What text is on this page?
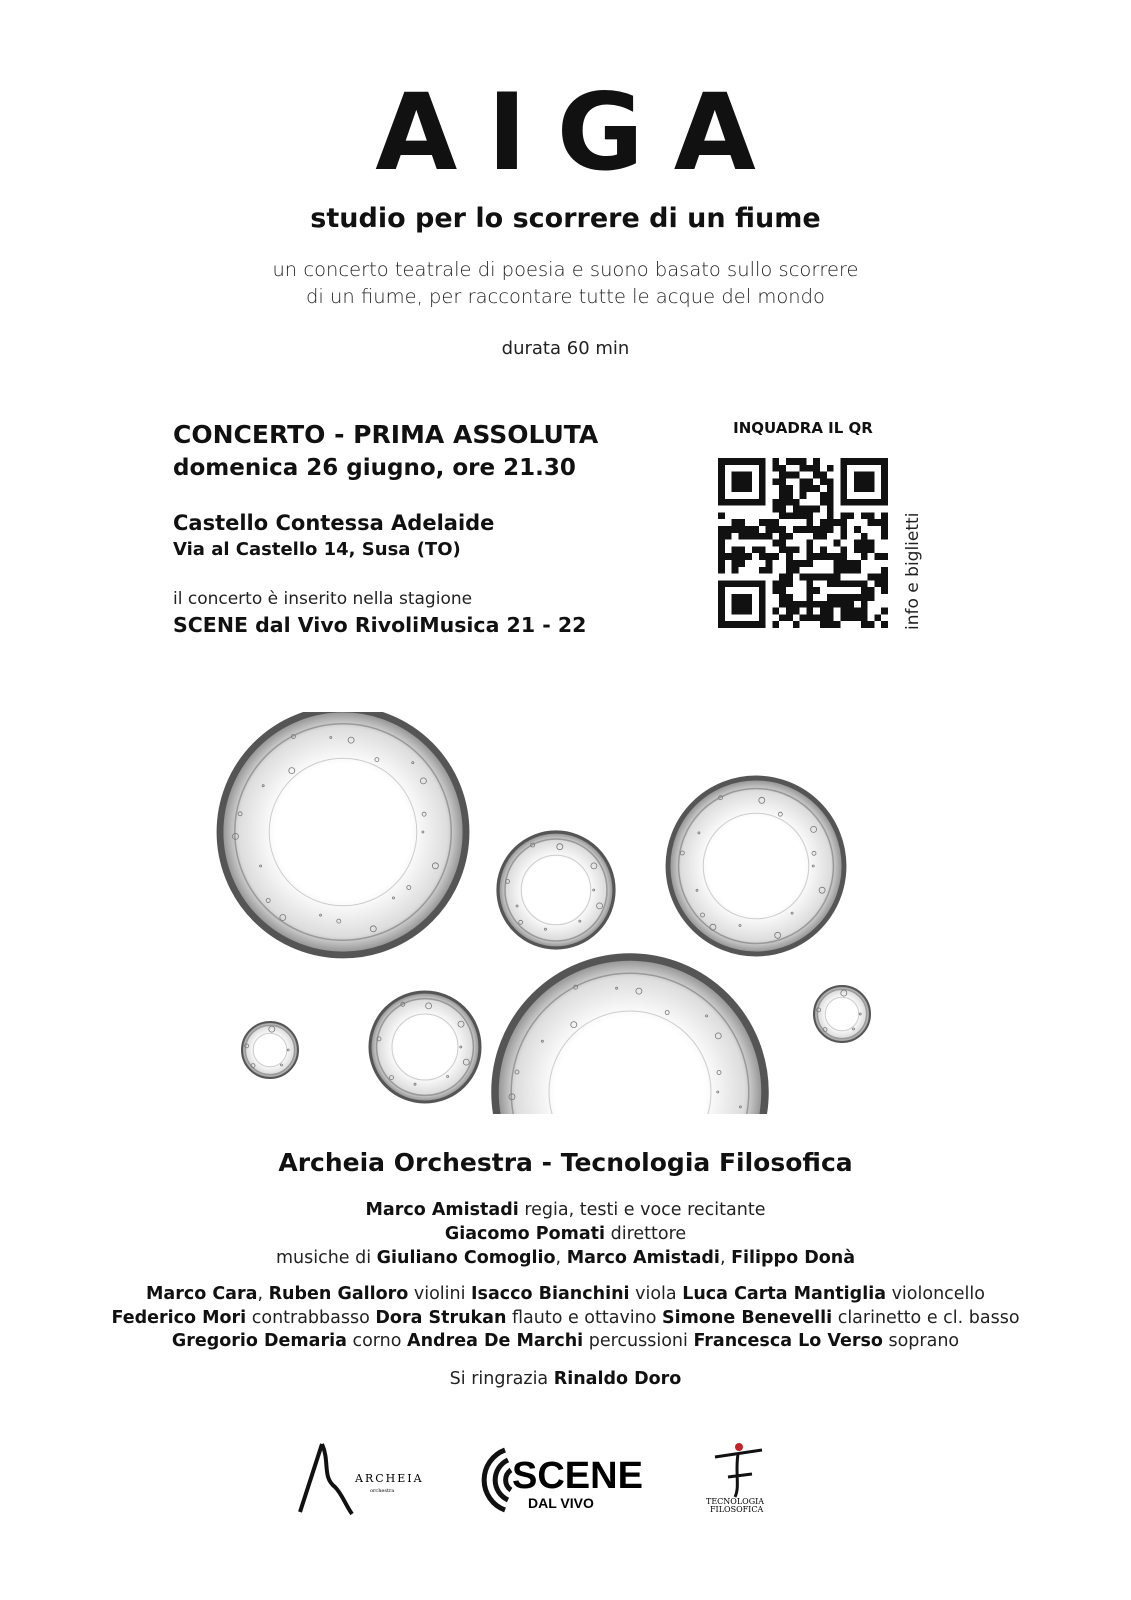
AIGA
studio per lo scorrere di un fiume
un concerto teatrale di poesia e suono basato sullo scorrere
di un fiume, per raccontare tutte le acque del mondo
durata 60 min
CONCERTO - PRIMA ASSOLUTA
domenica 26 giugno, ore 21.30
Castello Contessa Adelaide
Via al Castello 14, Susa (TO)
il concerto è inserito nella stagione
SCENE dal Vivo RivoliMusica 21 - 22
INQUADRA IL QR
info e biglietti
Archeia Orchestra - Tecnologia Filosofica
Marco Amistadi regia, testi e voce recitante
Giacomo Pomati direttore
musiche di Giuliano Comoglio, Marco Amistadi, Filippo Donà
Marco Cara, Ruben Galloro violini Isacco Bianchini viola Luca Carta Mantiglia violoncello
Federico Mori contrabbasso Dora Strukan flauto e ottavino Simone Benevelli clarinetto e cl. basso
Gregorio Demaria corno Andrea De Marchi percussioni Francesca Lo Verso soprano
Si ringrazia Rinaldo Doro
ARCHEIA
orchestra	SCENE
DAL VIVO	TECNOLOGIA
FILOSOFICA
